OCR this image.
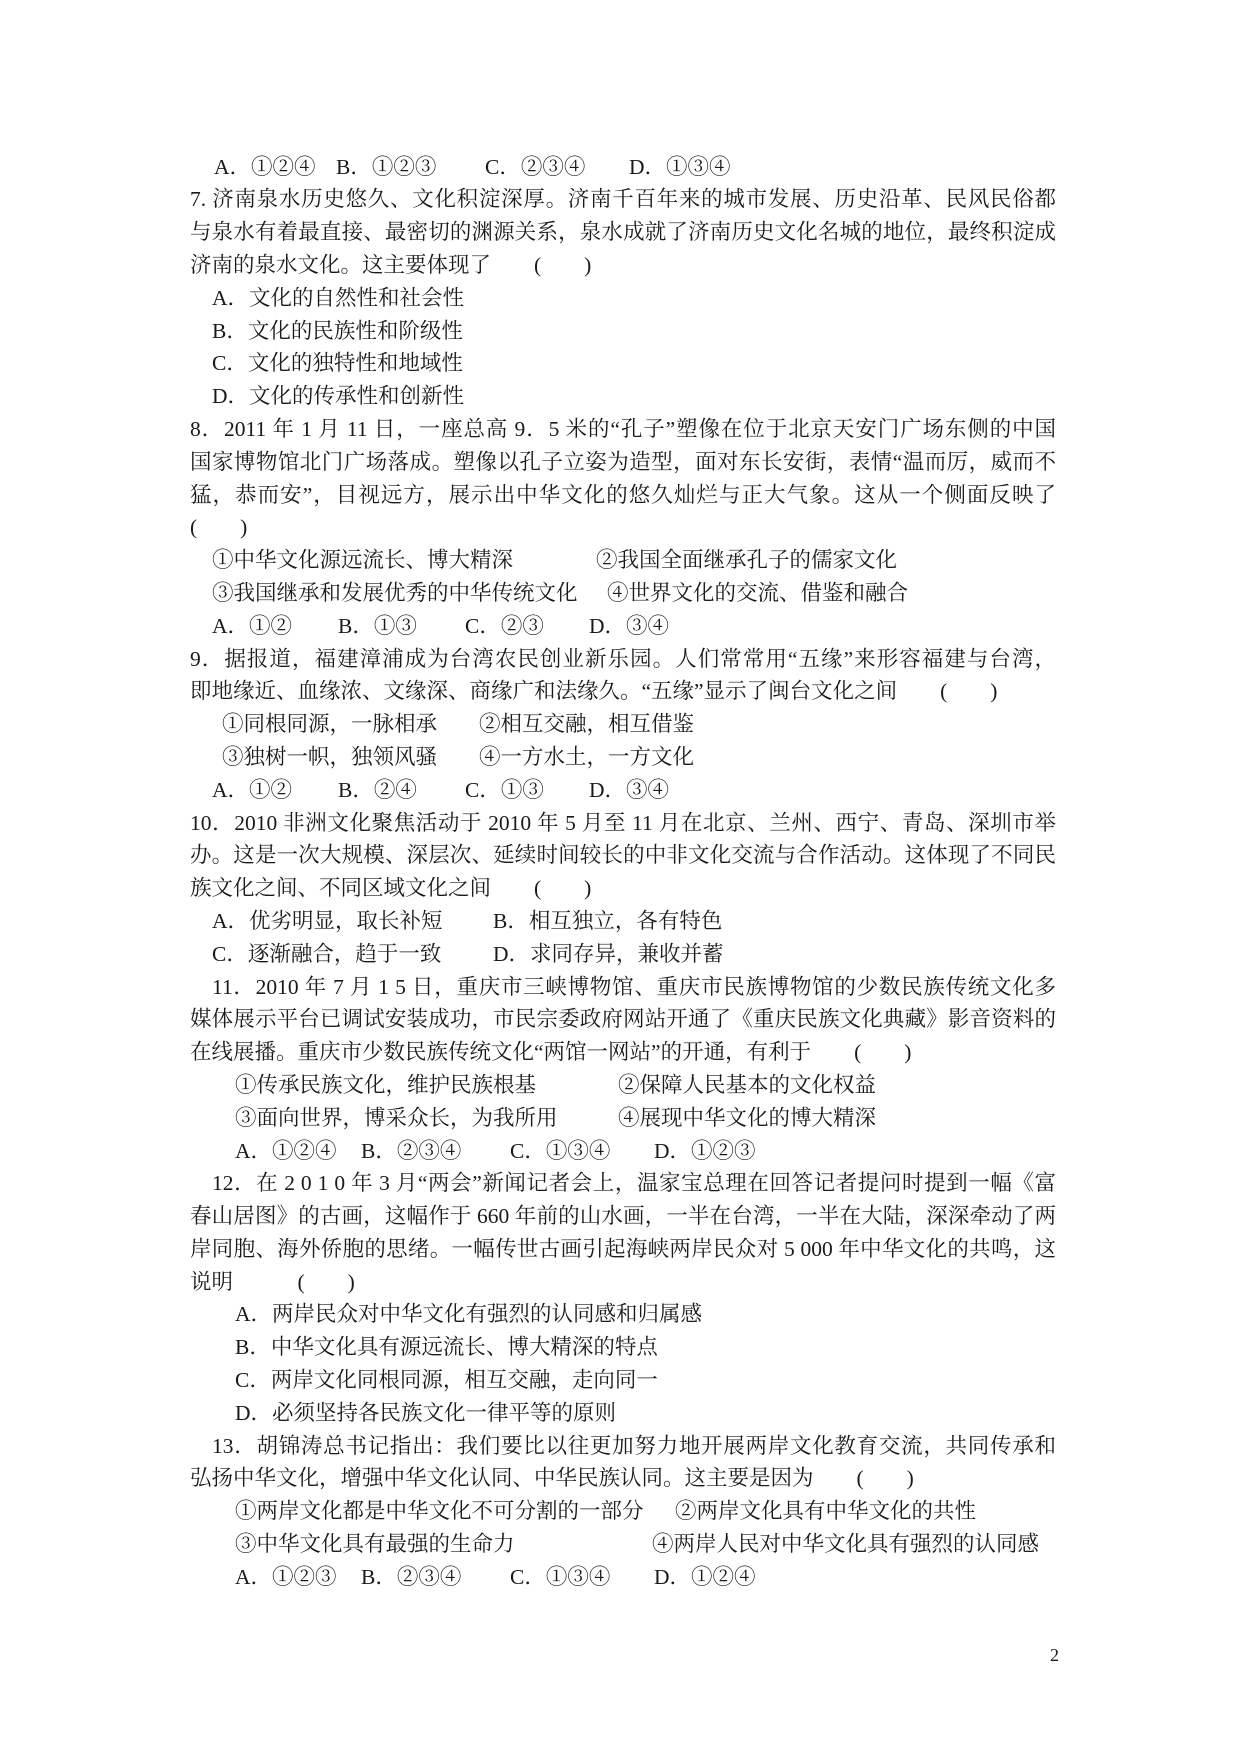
A．①②④ B．①②③ C．②③④ D．①③④
7. 济南泉水历史悠久、文化积淀深厚。济南千百年来的城市发展、历史沿革、民风民俗都
与泉水有着最直接、最密切的渊源关系，泉水成就了济南历史文化名城的地位，最终积淀成
济南的泉水文化。这主要体现了　　(　　)
A．文化的自然性和社会性
B．文化的民族性和阶级性
C．文化的独特性和地域性
D．文化的传承性和创新性
8．2011 年 1 月 11 日，一座总高 9．5 米的“孔子”塑像在位于北京天安门广场东侧的中国
国家博物馆北门广场落成。塑像以孔子立姿为造型，面对东长安街，表情“温而厉，威而不
猛，恭而安”，目视远方，展示出中华文化的悠久灿烂与正大气象。这从一个侧面反映了
(　　)
①中华文化源远流长、博大精深	②我国全面继承孔子的儒家文化
③我国继承和发展优秀的中华传统文化 ④世界文化的交流、借鉴和融合
A．①② B．①③ C．②③ D．③④
9．据报道，福建漳浦成为台湾农民创业新乐园。人们常常用“五缘”来形容福建与台湾，
即地缘近、血缘浓、文缘深、商缘广和法缘久。“五缘”显示了闽台文化之间　　(　　)
①同根同源，一脉相承 ②相互交融，相互借鉴
③独树一帜，独领风骚 ④一方水土，一方文化
A．①② B．②④ C．①③ D．③④
10．2010 非洲文化聚焦活动于 2010 年 5 月至 11 月在北京、兰州、西宁、青岛、深圳市举
办。这是一次大规模、深层次、延续时间较长的中非文化交流与合作活动。这体现了不同民
族文化之间、不同区域文化之间　　(　　)
A．优劣明显，取长补短 B．相互独立，各有特色
C．逐渐融合，趋于一致 D．求同存异，兼收并蓄
11．2010 年 7 月 1 5 日，重庆市三峡博物馆、重庆市民族博物馆的少数民族传统文化多
媒体展示平台已调试安装成功，市民宗委政府网站开通了《重庆民族文化典藏》影音资料的
在线展播。重庆市少数民族传统文化“两馆一网站”的开通，有利于　　(　　)
①传承民族文化，维护民族根基	②保障人民基本的文化权益
③面向世界，博采众长，为我所用	④展现中华文化的博大精深
A．①②④ B．②③④ C．①③④ D．①②③
12．在 2 0 1 0 年 3 月“两会”新闻记者会上，温家宝总理在回答记者提问时提到一幅《富
春山居图》的古画，这幅作于 660 年前的山水画，一半在台湾，一半在大陆，深深牵动了两
岸同胞、海外侨胞的思绪。一幅传世古画引起海峡两岸民众对 5 000 年中华文化的共鸣，这
说明　　　(　　)
A．两岸民众对中华文化有强烈的认同感和归属感
B．中华文化具有源远流长、博大精深的特点
C．两岸文化同根同源，相互交融，走向同一
D．必须坚持各民族文化一律平等的原则
13．胡锦涛总书记指出：我们要比以往更加努力地开展两岸文化教育交流，共同传承和
弘扬中华文化，增强中华文化认同、中华民族认同。这主要是因为　　(　　)
①两岸文化都是中华文化不可分割的一部分 ②两岸文化具有中华文化的共性
③中华文化具有最强的生命力	④两岸人民对中华文化具有强烈的认同感
A．①②③ B．②③④ C．①③④ D．①②④
2
